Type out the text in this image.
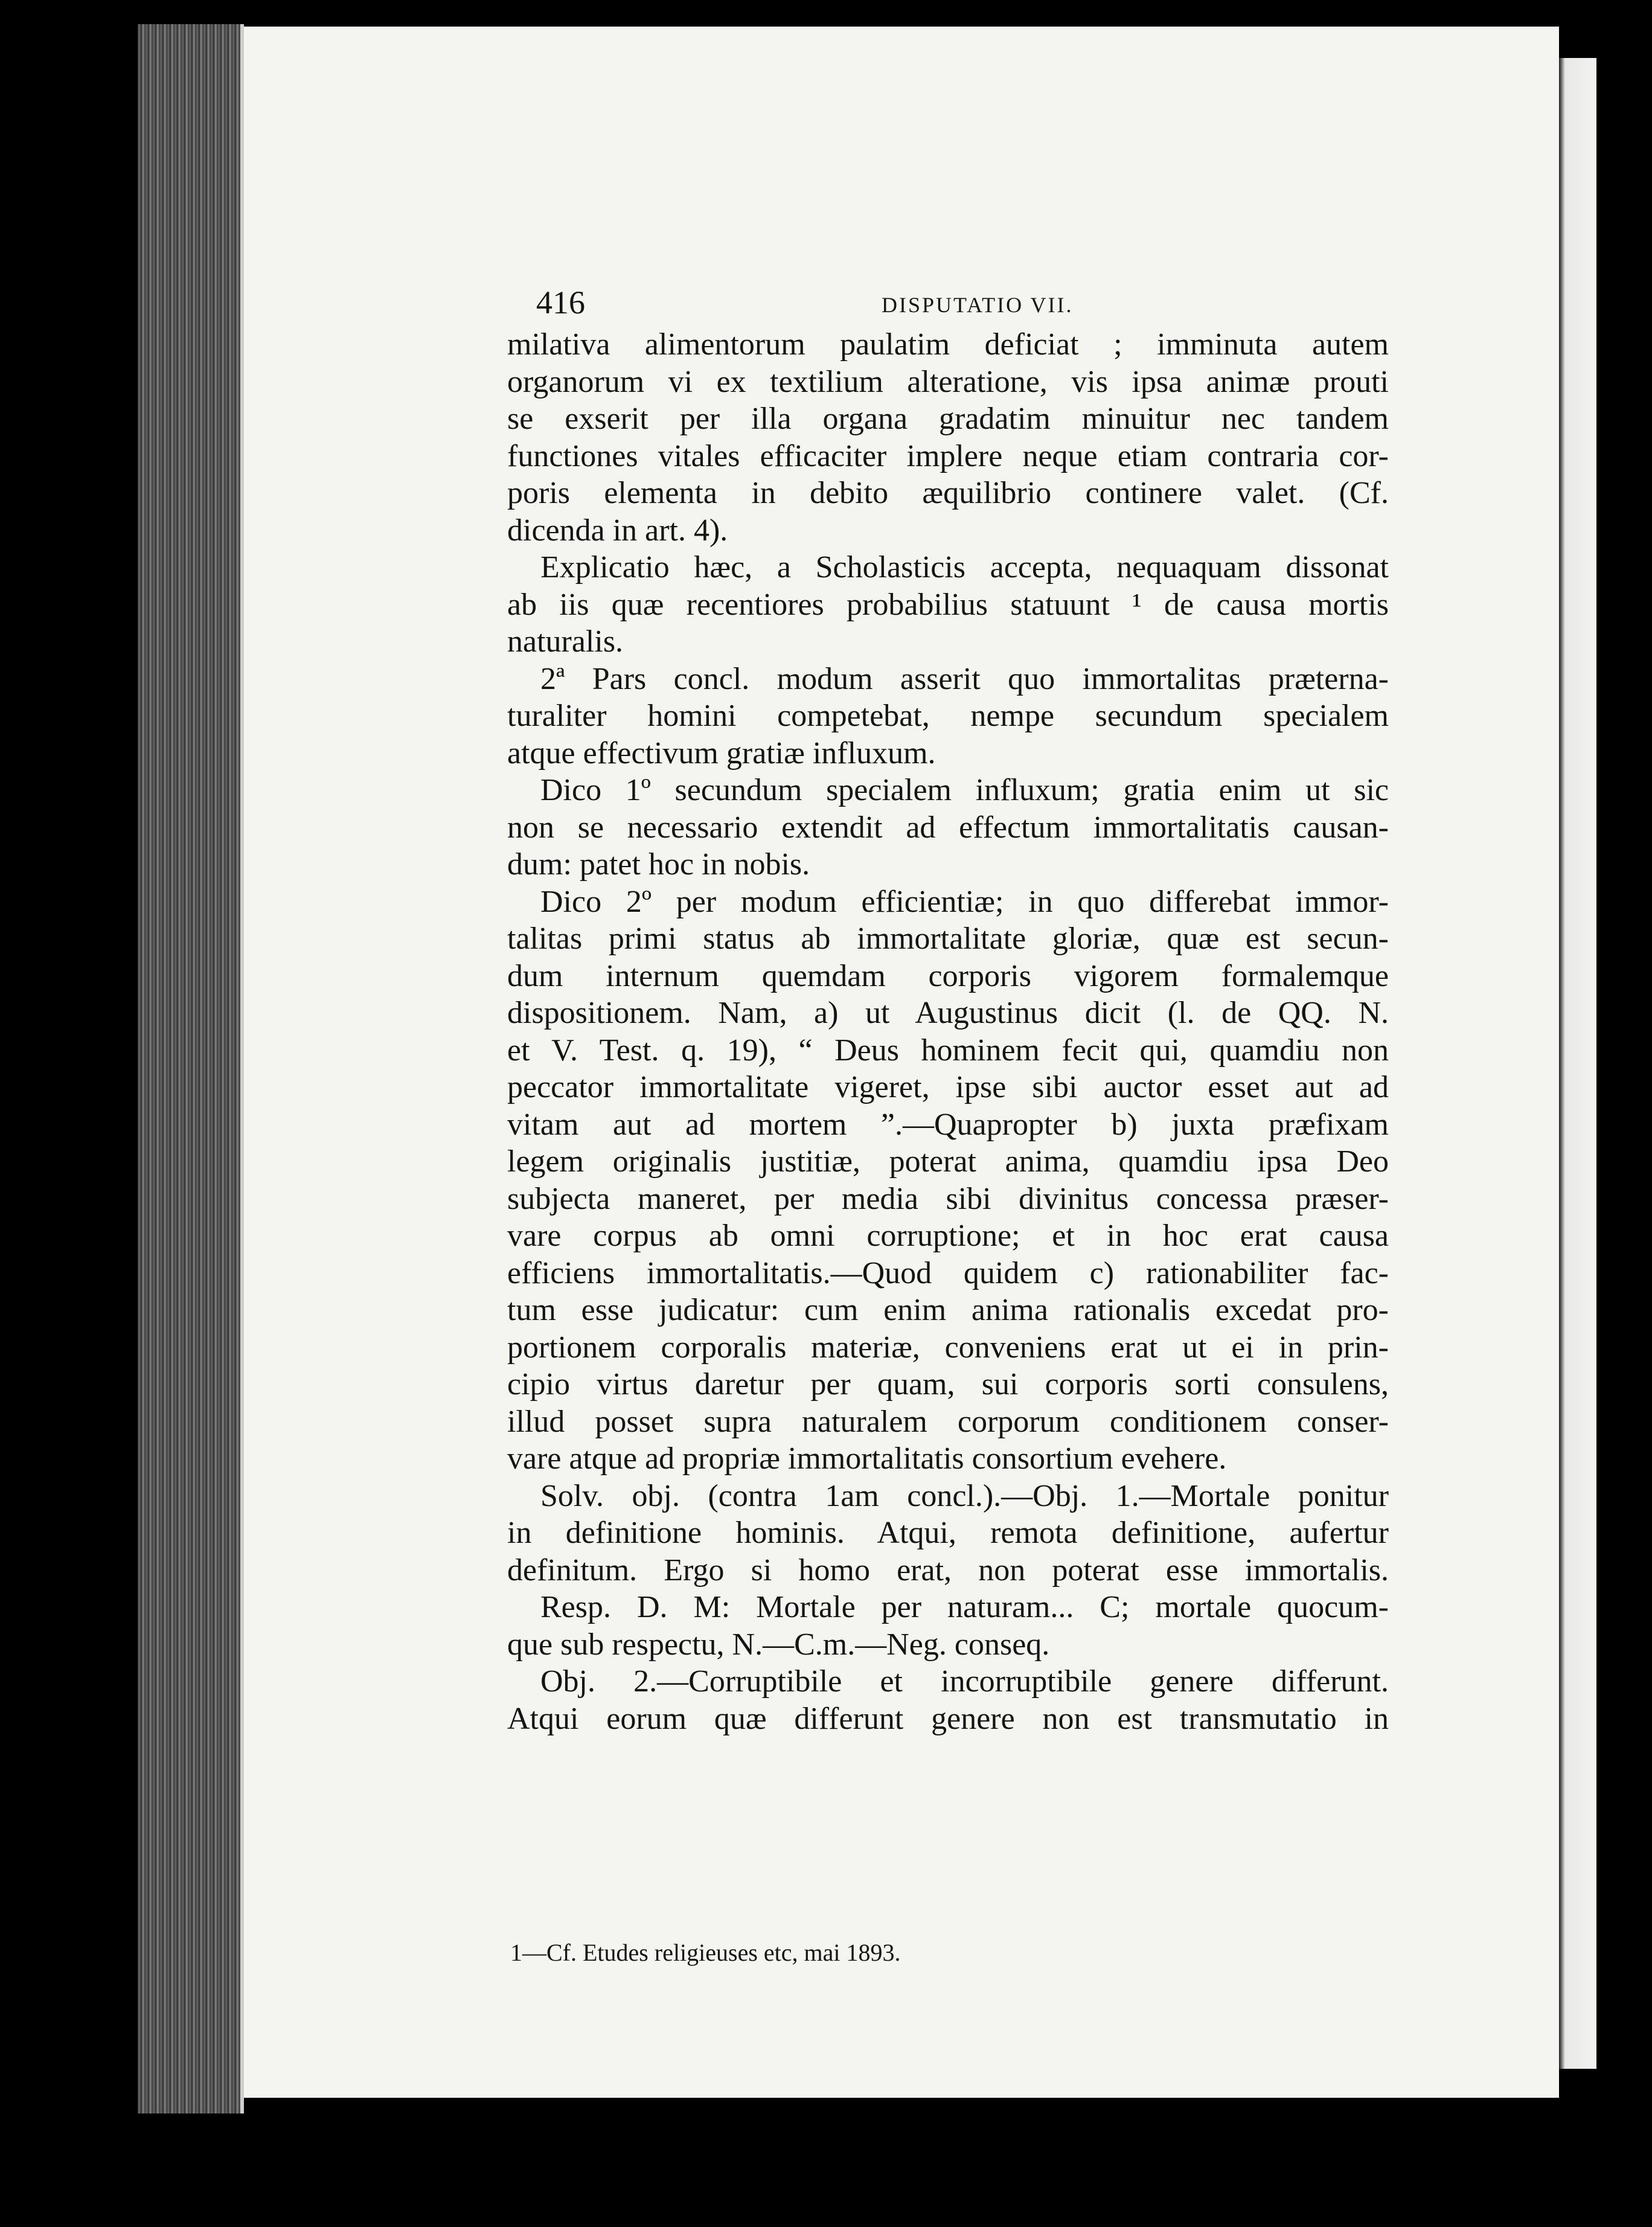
416	DISPUTATIO VII.
milativa alimentorum paulatim deficiat ; imminuta autem
organorum vi ex textilium alteratione, vis ipsa animæ prouti
se exserit per illa organa gradatim minuitur nec tandem
functiones vitales efficaciter implere neque etiam contraria cor-
poris elementa in debito æquilibrio continere valet. (Cf.
dicenda in art. 4).
Explicatio hæc, a Scholasticis accepta, nequaquam dissonat
ab iis quæ recentiores probabilius statuunt ¹ de causa mortis
naturalis.
2ª Pars concl. modum asserit quo immortalitas præterna-
turaliter homini competebat, nempe secundum specialem
atque effectivum gratiæ influxum.
Dico 1º secundum specialem influxum; gratia enim ut sic
non se necessario extendit ad effectum immortalitatis causan-
dum: patet hoc in nobis.
Dico 2º per modum efficientiæ; in quo differebat immor-
talitas primi status ab immortalitate gloriæ, quæ est secun-
dum internum quemdam corporis vigorem formalemque
dispositionem. Nam, a) ut Augustinus dicit (l. de QQ. N.
et V. Test. q. 19), “ Deus hominem fecit qui, quamdiu non
peccator immortalitate vigeret, ipse sibi auctor esset aut ad
vitam aut ad mortem ”.—Quapropter b) juxta præfixam
legem originalis justitiæ, poterat anima, quamdiu ipsa Deo
subjecta maneret, per media sibi divinitus concessa præser-
vare corpus ab omni corruptione; et in hoc erat causa
efficiens immortalitatis.—Quod quidem c) rationabiliter fac-
tum esse judicatur: cum enim anima rationalis excedat pro-
portionem corporalis materiæ, conveniens erat ut ei in prin-
cipio virtus daretur per quam, sui corporis sorti consulens,
illud posset supra naturalem corporum conditionem conser-
vare atque ad propriæ immortalitatis consortium evehere.
Solv. obj. (contra 1am concl.).—Obj. 1.—Mortale ponitur
in definitione hominis. Atqui, remota definitione, aufertur
definitum. Ergo si homo erat, non poterat esse immortalis.
Resp. D. M: Mortale per naturam... C; mortale quocum-
que sub respectu, N.—C.m.—Neg. conseq.
Obj. 2.—Corruptibile et incorruptibile genere differunt.
Atqui eorum quæ differunt genere non est transmutatio in
1—Cf. Etudes religieuses etc, mai 1893.
